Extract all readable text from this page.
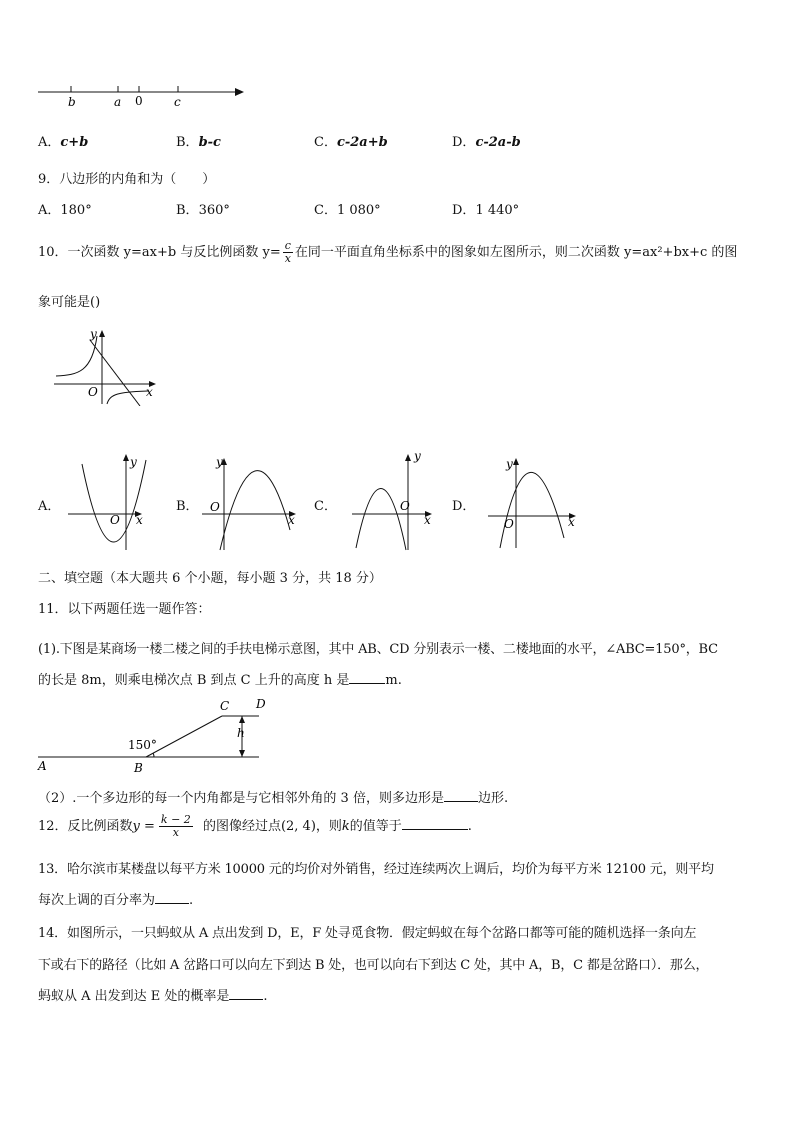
b	a 0	c
A．c+b	B．b-c	C．c-2a+b	D．c-2a-b
9．八边形的内角和为（　　）
A．180°	B．360°	C．1 080°	D．1 440°
10．一次函数 y=ax+b 与反比例函数 $y= \frac{c}{x}$ 在同一平面直角坐标系中的图象如左图所示，则二次函数 y=ax²+bx+c 的图
象可能是()
y
x
O
A．
y
x
O
B．
y
x
O	C．
y
x
O	D．
y
x
O
二、填空题（本大题共 6 个小题，每小题 3 分，共 18 分）
11．以下两题任选一题作答：
(1).下图是某商场一楼二楼之间的手扶电梯示意图，其中 AB、CD 分别表示一楼、二楼地面的水平，∠ABC=150°，BC
的长是 8m，则乘电梯次点 B 到点 C 上升的高度 h 是	m.
A	B
C D
h
150°
（2）.一个多边形的每一个内角都是与它相邻外角的 3 倍，则多边形是	边形.
12．反比例函数$y = \frac{k - 2}{x}$ 的图像经过点(2, 4)，则k的值等于	.
13．哈尔滨市某楼盘以每平方米 10000 元的均价对外销售，经过连续两次上调后，均价为每平方米 12100 元，则平均
每次上调的百分率为	.
14．如图所示，一只蚂蚁从 A 点出发到 D，E，F 处寻觅食物．假定蚂蚁在每个岔路口都等可能的随机选择一条向左
下或右下的路径（比如 A 岔路口可以向左下到达 B 处，也可以向右下到达 C 处，其中 A，B，C 都是岔路口）．那么，
蚂蚁从 A 出发到达 E 处的概率是	.
